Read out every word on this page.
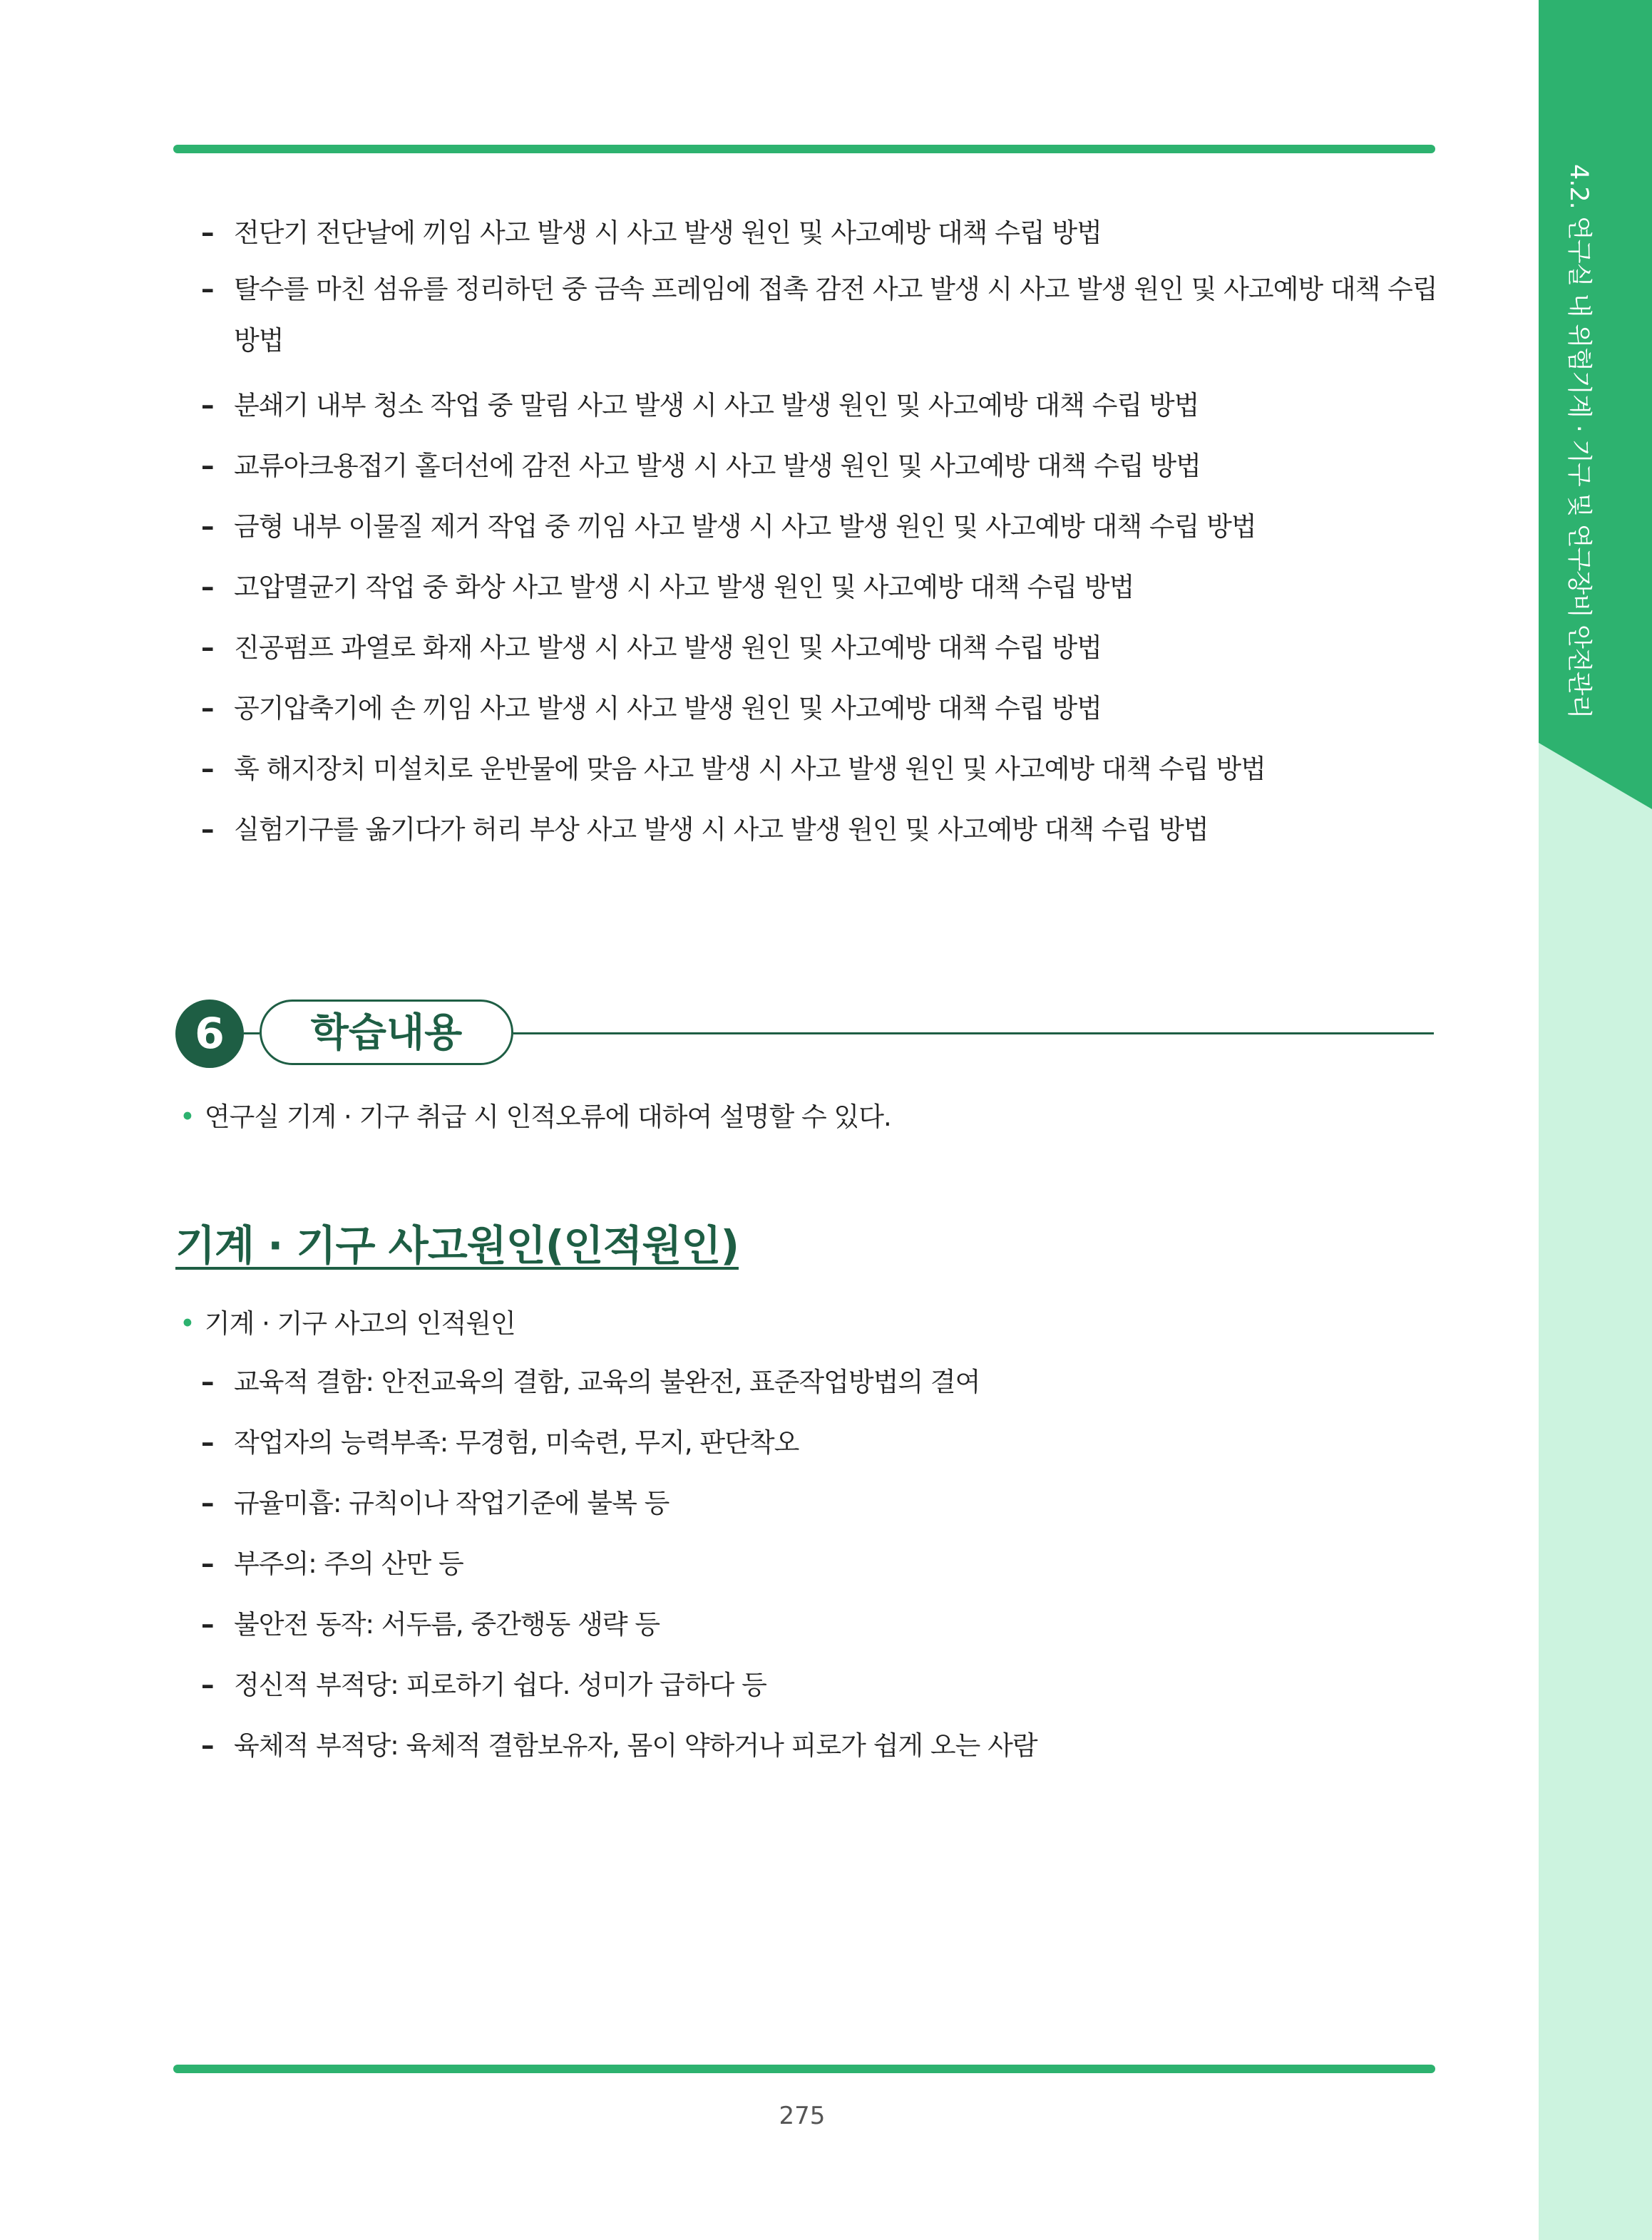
4.2. 연구실 내 위험기계 · 기구 및 연구장비 안전관리
– 전단기 전단날에 끼임 사고 발생 시 사고 발생 원인 및 사고예방 대책 수립 방법
– 탈수를 마친 섬유를 정리하던 중 금속 프레임에 접촉 감전 사고 발생 시 사고 발생 원인 및 사고예방 대책 수립
방법
– 분쇄기 내부 청소 작업 중 말림 사고 발생 시 사고 발생 원인 및 사고예방 대책 수립 방법
– 교류아크용접기 홀더선에 감전 사고 발생 시 사고 발생 원인 및 사고예방 대책 수립 방법
– 금형 내부 이물질 제거 작업 중 끼임 사고 발생 시 사고 발생 원인 및 사고예방 대책 수립 방법
– 고압멸균기 작업 중 화상 사고 발생 시 사고 발생 원인 및 사고예방 대책 수립 방법
– 진공펌프 과열로 화재 사고 발생 시 사고 발생 원인 및 사고예방 대책 수립 방법
– 공기압축기에 손 끼임 사고 발생 시 사고 발생 원인 및 사고예방 대책 수립 방법
– 훅 해지장치 미설치로 운반물에 맞음 사고 발생 시 사고 발생 원인 및 사고예방 대책 수립 방법
– 실험기구를 옮기다가 허리 부상 사고 발생 시 사고 발생 원인 및 사고예방 대책 수립 방법
6	학습내용
• 연구실 기계 · 기구 취급 시 인적오류에 대하여 설명할 수 있다.
기계 · 기구 사고원인(인적원인)
• 기계 · 기구 사고의 인적원인
– 교육적 결함: 안전교육의 결함, 교육의 불완전, 표준작업방법의 결여
– 작업자의 능력부족: 무경험, 미숙련, 무지, 판단착오
– 규율미흡: 규칙이나 작업기준에 불복 등
– 부주의: 주의 산만 등
– 불안전 동작: 서두름, 중간행동 생략 등
– 정신적 부적당: 피로하기 쉽다. 성미가 급하다 등
– 육체적 부적당: 육체적 결함보유자, 몸이 약하거나 피로가 쉽게 오는 사람
275
